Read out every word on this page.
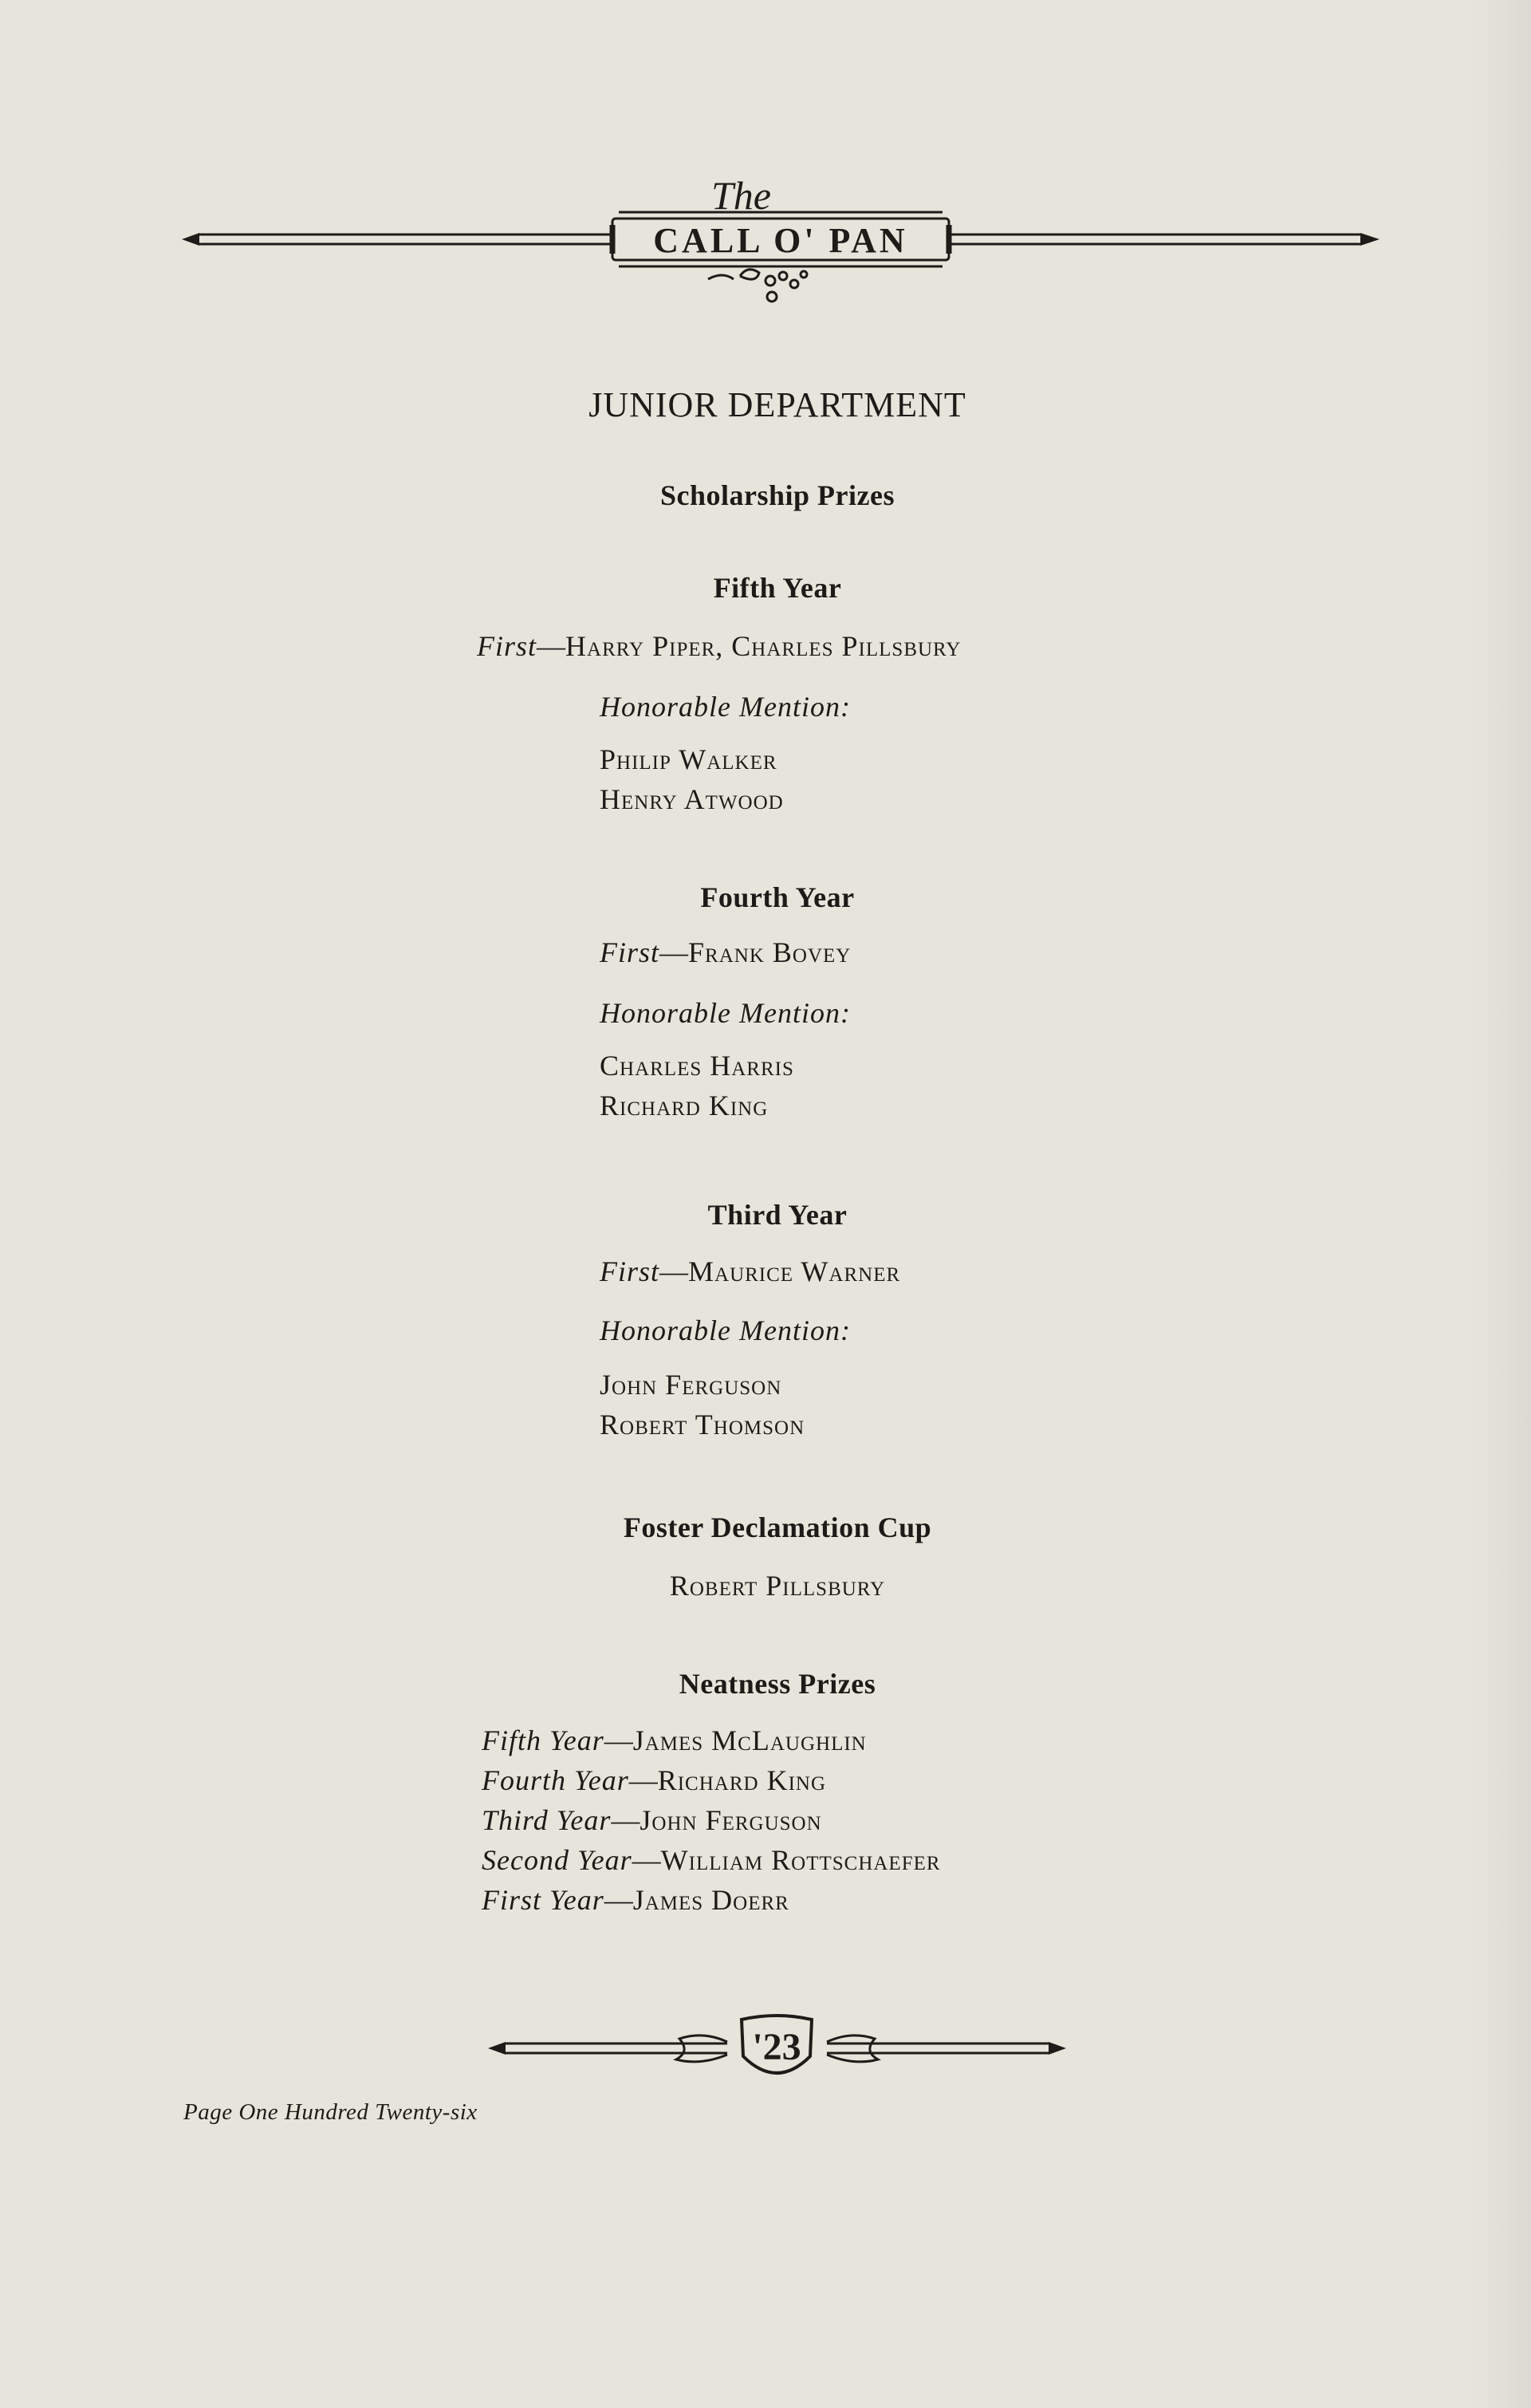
The
CALL O' PAN
JUNIOR DEPARTMENT
Scholarship Prizes
Fifth Year
First—Harry Piper, Charles Pillsbury
Honorable Mention:
Philip Walker
Henry Atwood
Fourth Year
First—Frank Bovey
Honorable Mention:
Charles Harris
Richard King
Third Year
First—Maurice Warner
Honorable Mention:
John Ferguson
Robert Thomson
Foster Declamation Cup
Robert Pillsbury
Neatness Prizes
Fifth Year—James McLaughlin
Fourth Year—Richard King
Third Year—John Ferguson
Second Year—William Rottschaefer
First Year—James Doerr
'23
Page One Hundred Twenty-six
